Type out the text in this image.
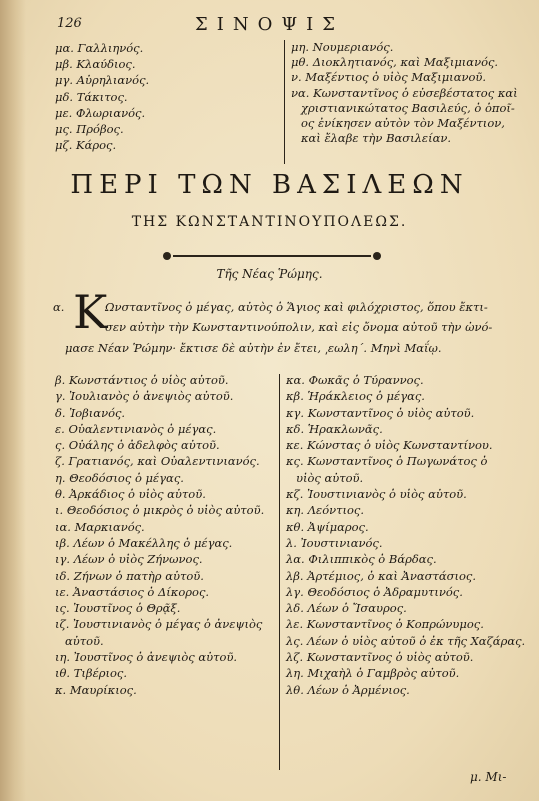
126	ΣΙΝΟΨΙΣ
μα. Γαλλιηνός.
μβ. Κλαύδιος.
μγ. Αὐρηλιανός.
μδ. Τάκιτος.
με. Φλωριανός.
μς. Πρόβος.
μζ. Κάρος.
μη. Νουμεριανός.
μθ. Διοκλητιανός, καὶ Μαξιμιανός.
ν. Μαξέντιος ὁ υἱὸς Μαξιμιανοῦ.
να. Κωνσταντῖνος ὁ εὐσεβέστατος καὶ
χριστιανικώτατος Βασιλεύς, ὁ ὁποῖ-
ος ἐνίκησεν αὐτὸν τὸν Μαξέντιον,
καὶ ἔλαβε τὴν Βασιλείαν.
ΠΕΡΙ ΤΩΝ ΒΑΣΙΛΕΩΝ
ΤΗΣ ΚΩΝΣΤΑΝΤΙΝΟΥΠΟΛΕΩΣ.
Τῆς Νέας Ῥώμης.
α. Κ
Ωνσταντῖνος ὁ μέγας, αὐτὸς ὁ Ἅγιος καὶ φιλόχριστος, ὅπου ἔκτι-
σεν αὐτὴν τὴν Κωνσταντινούπολιν, καὶ εἰς ὄνομα αὐτοῦ τὴν ὠνό-
μασε Νέαν Ῥώμην· ἔκτισε δὲ αὐτὴν ἐν ἔτει, ͵εωλη΄. Μηνὶ Μαΐῳ.
β. Κωνστάντιος ὁ υἱὸς αὐτοῦ.
γ. Ἰουλιανὸς ὁ ἀνεψιὸς αὐτοῦ.
δ. Ἰοβιανός.
ε. Οὐαλεντινιανὸς ὁ μέγας.
ς. Οὐάλης ὁ ἀδελφὸς αὐτοῦ.
ζ. Γρατιανός, καὶ Οὐαλεντινιανός.
η. Θεοδόσιος ὁ μέγας.
θ. Ἀρκάδιος ὁ υἱὸς αὐτοῦ.
ι. Θεοδόσιος ὁ μικρὸς ὁ υἱὸς αὐτοῦ.
ια. Μαρκιανός.
ιβ. Λέων ὁ Μακέλλης ὁ μέγας.
ιγ. Λέων ὁ υἱὸς Ζήνωνος.
ιδ. Ζήνων ὁ πατὴρ αὐτοῦ.
ιε. Ἀναστάσιος ὁ Δίκορος.
ις. Ἰουστῖνος ὁ Θρᾷξ.
ιζ. Ἰουστινιανὸς ὁ μέγας ὁ ἀνεψιὸς
αὐτοῦ.
ιη. Ἰουστῖνος ὁ ἀνεψιὸς αὐτοῦ.
ιθ. Τιβέριος.
κ. Μαυρίκιος.
κα. Φωκᾶς ὁ Τύραννος.
κβ. Ἡράκλειος ὁ μέγας.
κγ. Κωνσταντῖνος ὁ υἱὸς αὐτοῦ.
κδ. Ἡρακλωνᾶς.
κε. Κώνστας ὁ υἱὸς Κωνσταντίνου.
κς. Κωνσταντῖνος ὁ Πωγωνάτος ὁ
υἱὸς αὐτοῦ.
κζ. Ἰουστινιανὸς ὁ υἱὸς αὐτοῦ.
κη. Λεόντιος.
κθ. Ἀψίμαρος.
λ. Ἰουστινιανός.
λα. Φιλιππικὸς ὁ Βάρδας.
λβ. Ἀρτέμιος, ὁ καὶ Ἀναστάσιος.
λγ. Θεοδόσιος ὁ Ἀδραμυτινός.
λδ. Λέων ὁ Ἴσαυρος.
λε. Κωνσταντῖνος ὁ Κοπρώνυμος.
λς. Λέων ὁ υἱὸς αὐτοῦ ὁ ἐκ τῆς Χαζάρας.
λζ. Κωνσταντῖνος ὁ υἱὸς αὐτοῦ.
λη. Μιχαὴλ ὁ Γαμβρὸς αὐτοῦ.
λθ. Λέων ὁ Ἀρμένιος.
μ. Μι-
